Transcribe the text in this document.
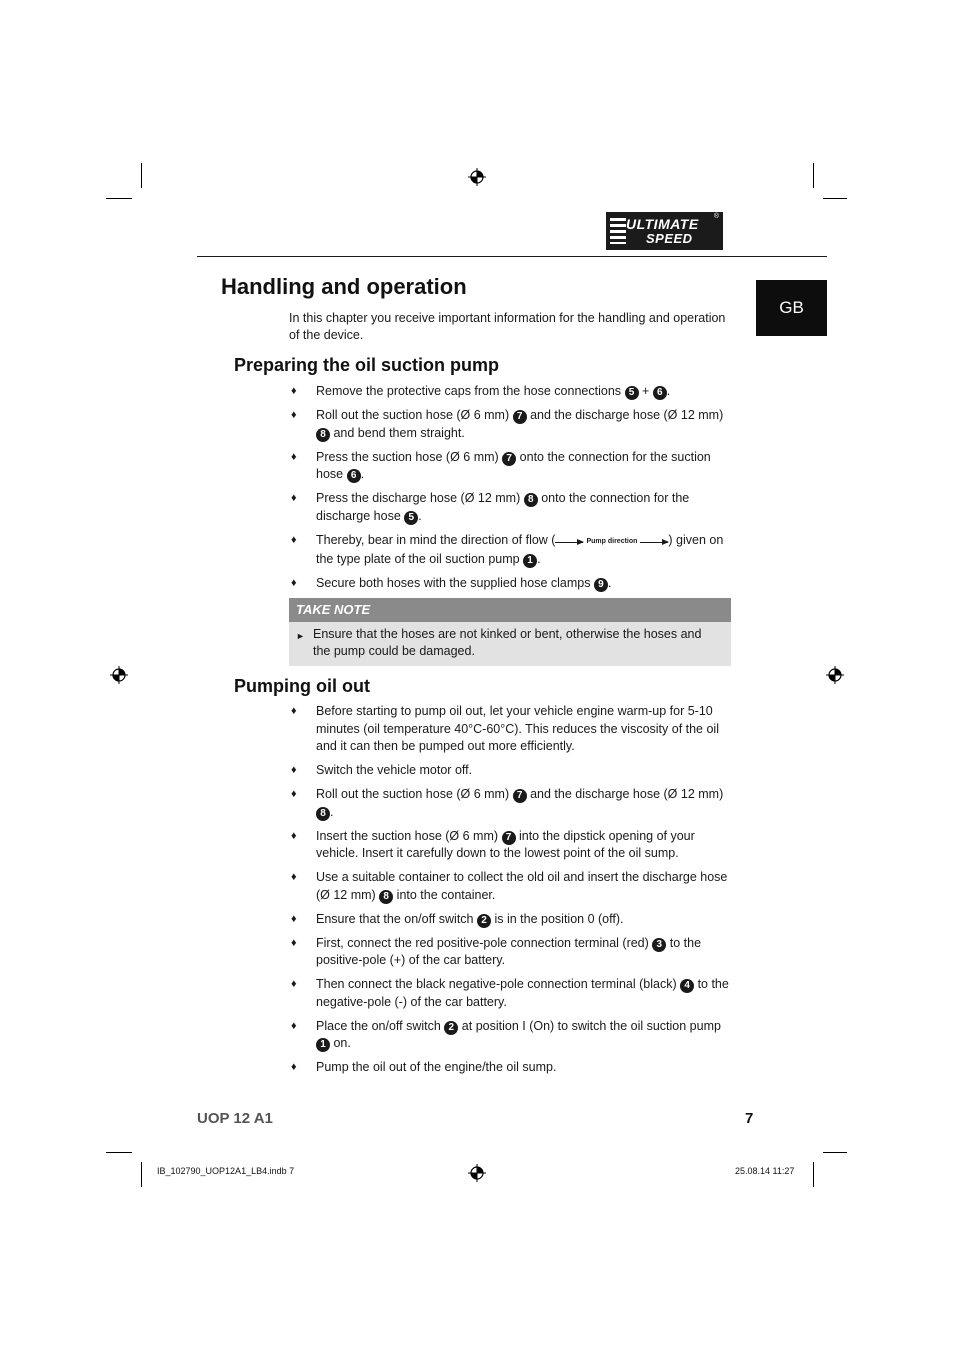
ULTIMATE
SPEED
®
GB
Handling and operation
In this chapter you receive important information for the handling and operation of the device.
Preparing the oil suction pump
♦ Remove the protective caps from the hose connections 5 + 6 .
♦ Roll out the suction hose (Ø 6 mm) 7 and the discharge hose (Ø 12 mm) 8 and bend them straight.
♦ Press the suction hose (Ø 6 mm) 7 onto the connection for the suction hose 6 .
♦ Press the discharge hose (Ø 12 mm) 8 onto the connection for the discharge hose 5 .
♦ Thereby, bear in mind the direction of flow (	Pump direction ) given on the type plate of the oil suction pump 1 .
♦ Secure both hoses with the supplied hose clamps 9 .
TAKE NOTE
► Ensure that the hoses are not kinked or bent, otherwise the hoses and the pump could be damaged.
Pumping oil out
♦ Before starting to pump oil out, let your vehicle engine warm-up for 5-10 minutes (oil temperature 40°C-60°C). This reduces the viscosity of the oil and it can then be pumped out more efficiently.
♦ Switch the vehicle motor off.
♦ Roll out the suction hose (Ø 6 mm) 7 and the discharge hose (Ø 12 mm) 8 .
♦ Insert the suction hose (Ø 6 mm) 7 into the dipstick opening of your vehicle. Insert it carefully down to the lowest point of the oil sump.
♦ Use a suitable container to collect the old oil and insert the discharge hose (Ø 12 mm) 8 into the container.
♦ Ensure that the on/off switch 2 is in the position 0 (off).
♦ First, connect the red positive-pole connection terminal (red) 3 to the positive-pole (+) of the car battery.
♦ Then connect the black negative-pole connection terminal (black) 4 to the negative-pole (-) of the car battery.
♦ Place the on/off switch 2 at position I (On) to switch the oil suction pump 1 on.
♦ Pump the oil out of the engine/the oil sump.
UOP 12 A1	7
IB_102790_UOP12A1_LB4.indb 7	25.08.14 11:27
